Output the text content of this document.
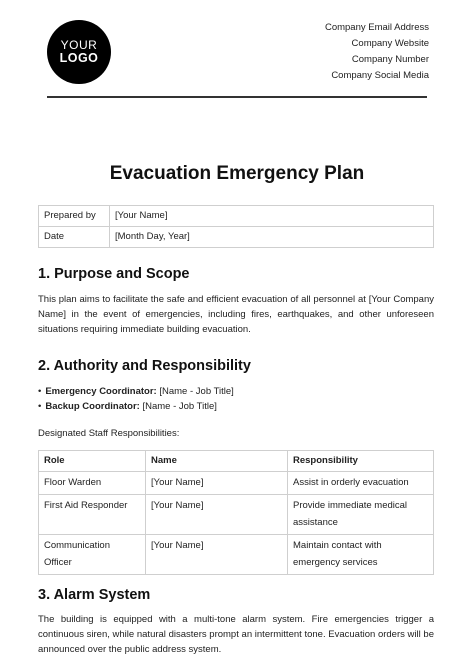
YOUR
LOGO
Company Email Address
Company Website
Company Number
Company Social Media
Evacuation Emergency Plan
Prepared by	[Your Name]
Date	[Month Day, Year]
1. Purpose and Scope

This plan aims to facilitate the safe and efficient evacuation of all personnel at [Your Company Name] in the event of emergencies, including fires, earthquakes, and other unforeseen situations requiring immediate building evacuation.

2. Authority and Responsibility
• Emergency Coordinator: [Name - Job Title]
• Backup Coordinator: [Name - Job Title]
Designated Staff Responsibilities:
Role	Name	Responsibility
Floor Warden	[Your Name]	Assist in orderly evacuation
First Aid Responder	[Your Name]	Provide immediate medical assistance
Communication Officer	[Your Name]	Maintain contact with emergency services
3. Alarm System

The building is equipped with a multi-tone alarm system. Fire emergencies trigger a continuous siren, while natural disasters prompt an intermittent tone. Evacuation orders will be announced over the public address system.
